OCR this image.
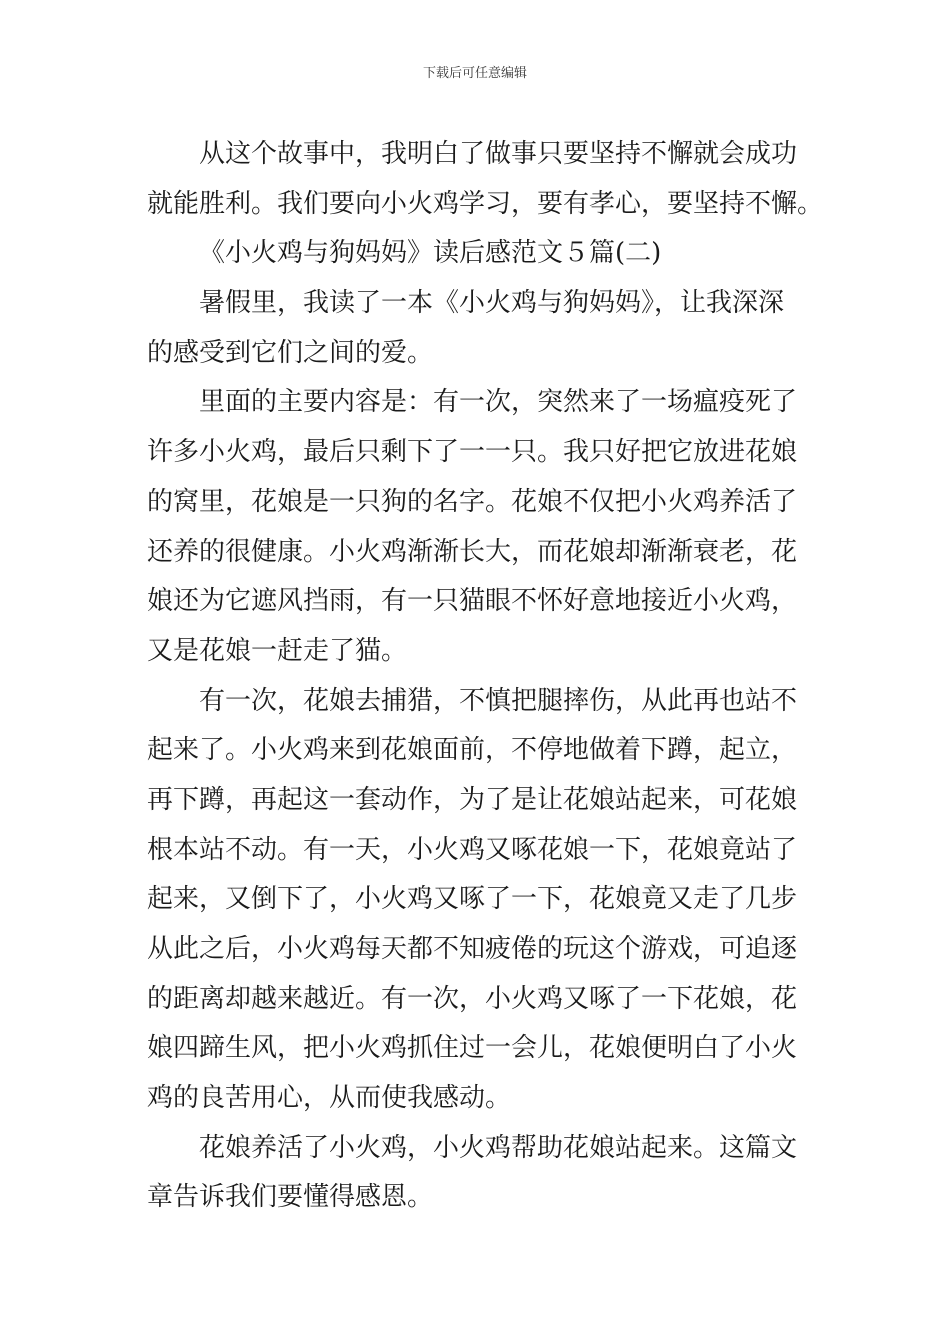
下载后可任意编辑
从这个故事中，我明白了做事只要坚持不懈就会成功
就能胜利。我们要向小火鸡学习，要有孝心，要坚持不懈。
《小火鸡与狗妈妈》读后感范文５篇(二)
暑假里，我读了一本《小火鸡与狗妈妈》，让我深深
的感受到它们之间的爱。
里面的主要内容是：有一次，突然来了一场瘟疫死了
许多小火鸡，最后只剩下了一一只。我只好把它放进花娘
的窝里，花娘是一只狗的名字。花娘不仅把小火鸡养活了
还养的很健康。小火鸡渐渐长大，而花娘却渐渐衰老，花
娘还为它遮风挡雨，有一只猫眼不怀好意地接近小火鸡，
又是花娘一赶走了猫。
有一次，花娘去捕猎，不慎把腿摔伤，从此再也站不
起来了。小火鸡来到花娘面前，不停地做着下蹲，起立，
再下蹲，再起这一套动作，为了是让花娘站起来，可花娘
根本站不动。有一天，小火鸡又啄花娘一下，花娘竟站了
起来，又倒下了，小火鸡又啄了一下，花娘竟又走了几步
从此之后，小火鸡每天都不知疲倦的玩这个游戏，可追逐
的距离却越来越近。有一次，小火鸡又啄了一下花娘，花
娘四蹄生风，把小火鸡抓住过一会儿，花娘便明白了小火
鸡的良苦用心，从而使我感动。
花娘养活了小火鸡，小火鸡帮助花娘站起来。这篇文
章告诉我们要懂得感恩。
